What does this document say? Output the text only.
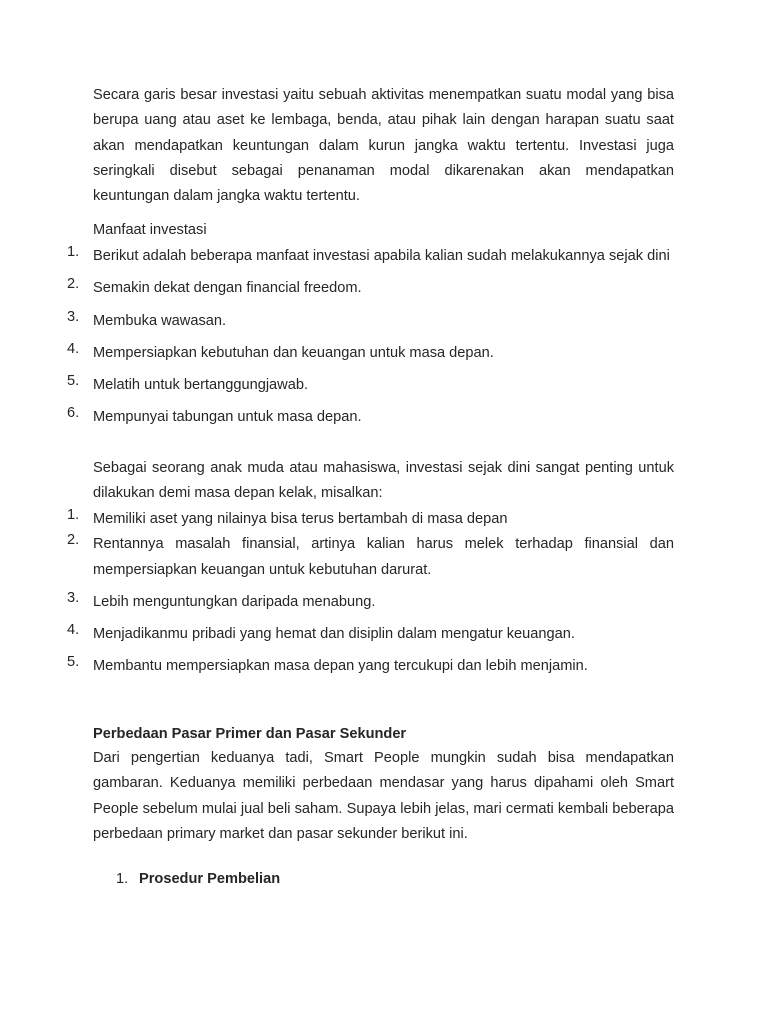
Secara garis besar investasi yaitu sebuah aktivitas menempatkan suatu modal yang bisa berupa uang atau aset ke lembaga, benda, atau pihak lain dengan harapan suatu saat akan mendapatkan keuntungan dalam kurun jangka waktu tertentu. Investasi juga seringkali disebut sebagai penanaman modal dikarenakan akan mendapatkan keuntungan dalam jangka waktu tertentu.

Manfaat investasi

1. Berikut adalah beberapa manfaat investasi apabila kalian sudah melakukannya sejak dini
2. Semakin dekat dengan financial freedom.
3. Membuka wawasan.
4. Mempersiapkan kebutuhan dan keuangan untuk masa depan.
5. Melatih untuk bertanggungjawab.
6. Mempunyai tabungan untuk masa depan.

Sebagai seorang anak muda atau mahasiswa, investasi sejak dini sangat penting untuk dilakukan demi masa depan kelak, misalkan:

1. Memiliki aset yang nilainya bisa terus bertambah di masa depan
2. Rentannya masalah finansial, artinya kalian harus melek terhadap finansial dan mempersiapkan keuangan untuk kebutuhan darurat.
3. Lebih menguntungkan daripada menabung.
4. Menjadikanmu pribadi yang hemat dan disiplin dalam mengatur keuangan.
5. Membantu mempersiapkan masa depan yang tercukupi dan lebih menjamin.

Perbedaan Pasar Primer dan Pasar Sekunder

Dari pengertian keduanya tadi, Smart People mungkin sudah bisa mendapatkan gambaran. Keduanya memiliki perbedaan mendasar yang harus dipahami oleh Smart People sebelum mulai jual beli saham. Supaya lebih jelas, mari cermati kembali beberapa perbedaan primary market dan pasar sekunder berikut ini.

1. Prosedur Pembelian
